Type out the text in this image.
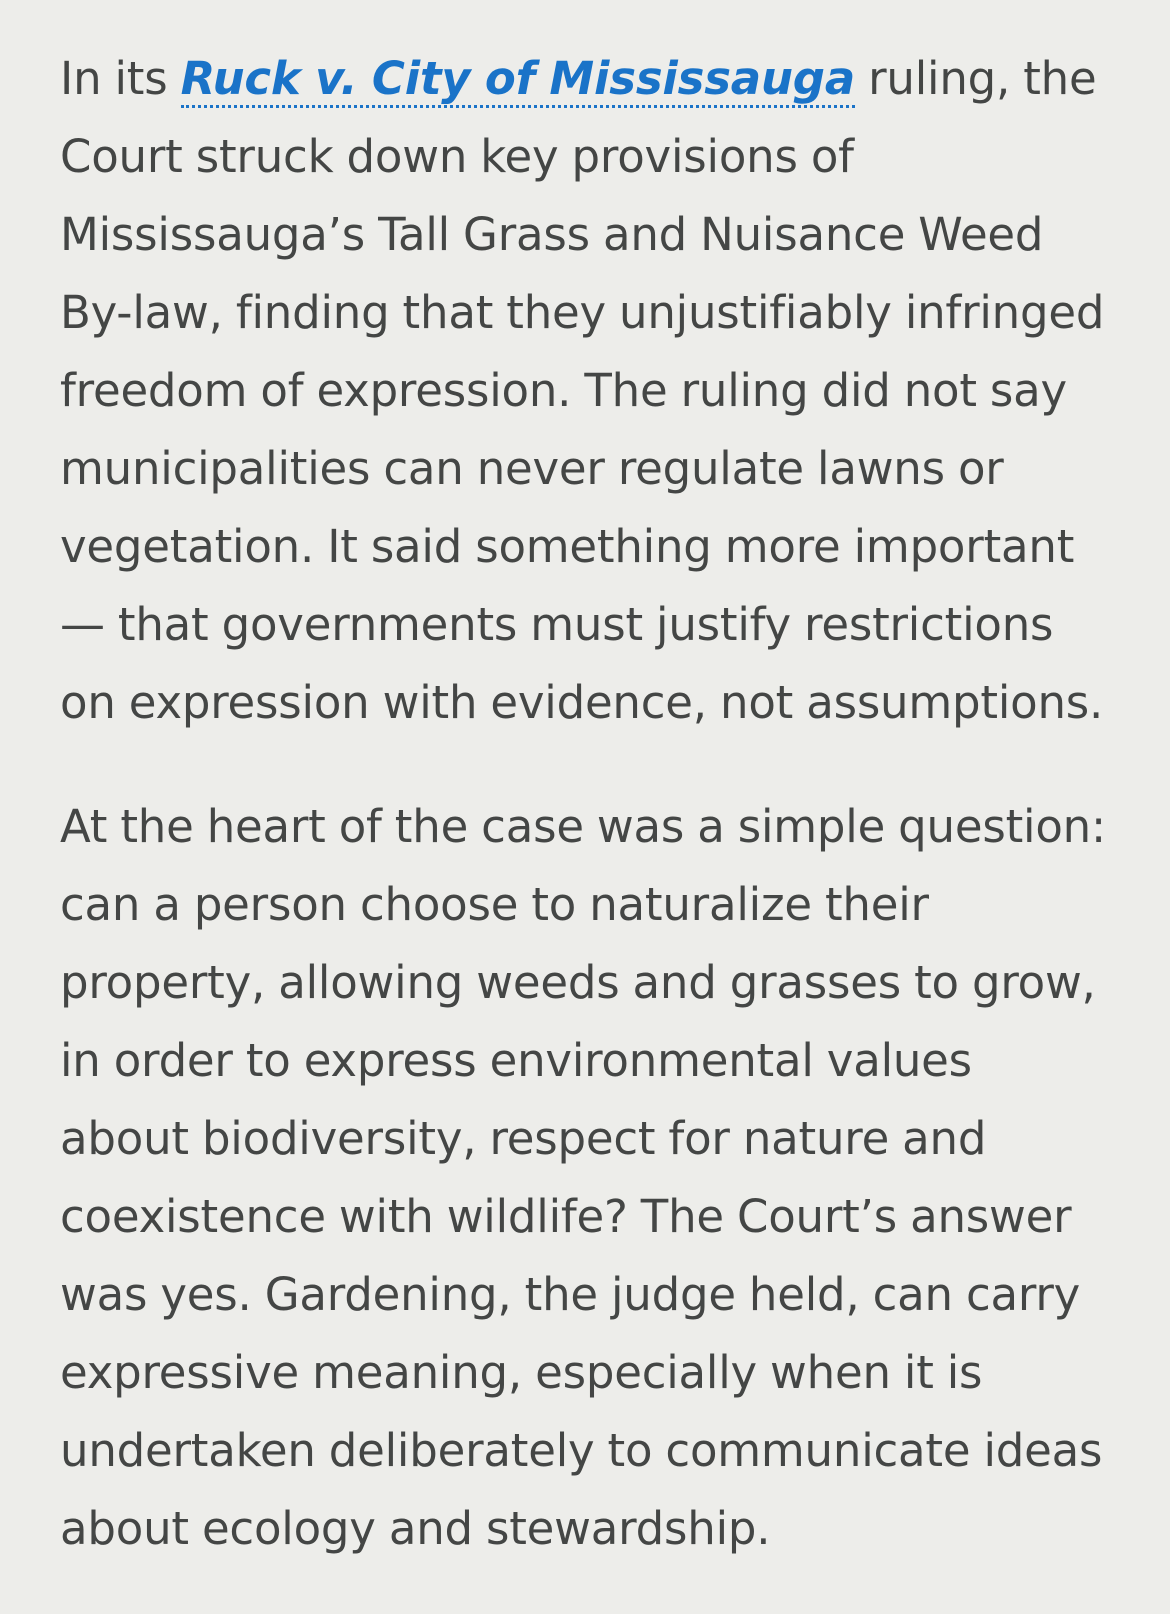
In its Ruck v. City of Mississauga ruling, the
Court struck down key provisions of
Mississauga’s Tall Grass and Nuisance Weed
By-law, finding that they unjustifiably infringed
freedom of expression. The ruling did not say
municipalities can never regulate lawns or
vegetation. It said something more important
— that governments must justify restrictions
on expression with evidence, not assumptions.

At the heart of the case was a simple question:
can a person choose to naturalize their
property, allowing weeds and grasses to grow,
in order to express environmental values
about biodiversity, respect for nature and
coexistence with wildlife? The Court’s answer
was yes. Gardening, the judge held, can carry
expressive meaning, especially when it is
undertaken deliberately to communicate ideas
about ecology and stewardship.
